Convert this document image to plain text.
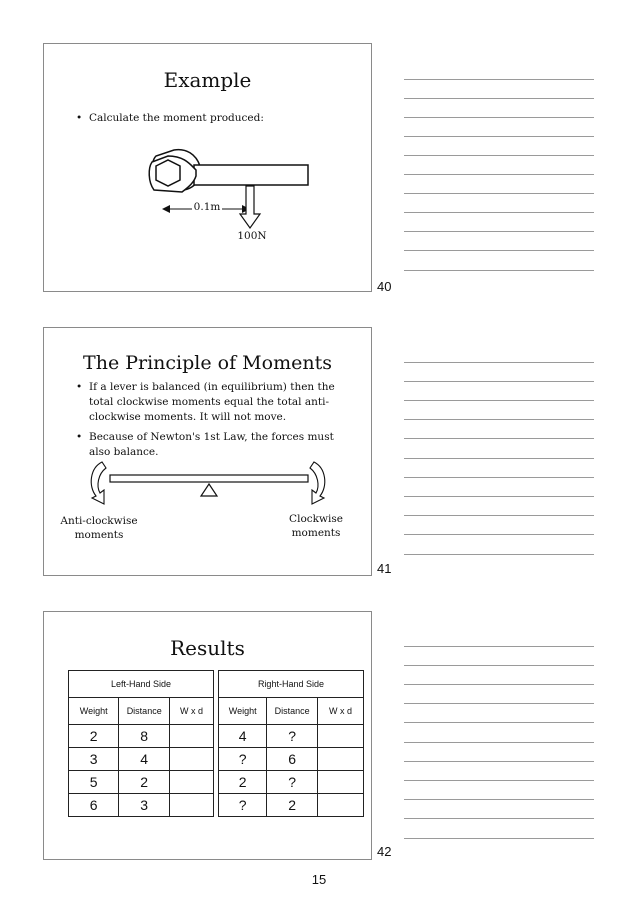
Example
• Calculate the moment produced:
0.1m
100N
40
The Principle of Moments
• If a lever is balanced (in equilibrium) then the total clockwise moments equal the total anti-clockwise moments. It will not move.
• Because of Newton's 1st Law, the forces must also balance.
Anti-clockwise
moments
Clockwise
moments
41
Results
Left-Hand Side				Right-Hand Side		
Weight	Distance	W x d		Weight	Distance	W x d
2	8			4	?	
3	4			?	6	
5	2			2	?	
6	3			?	2	
42
15
